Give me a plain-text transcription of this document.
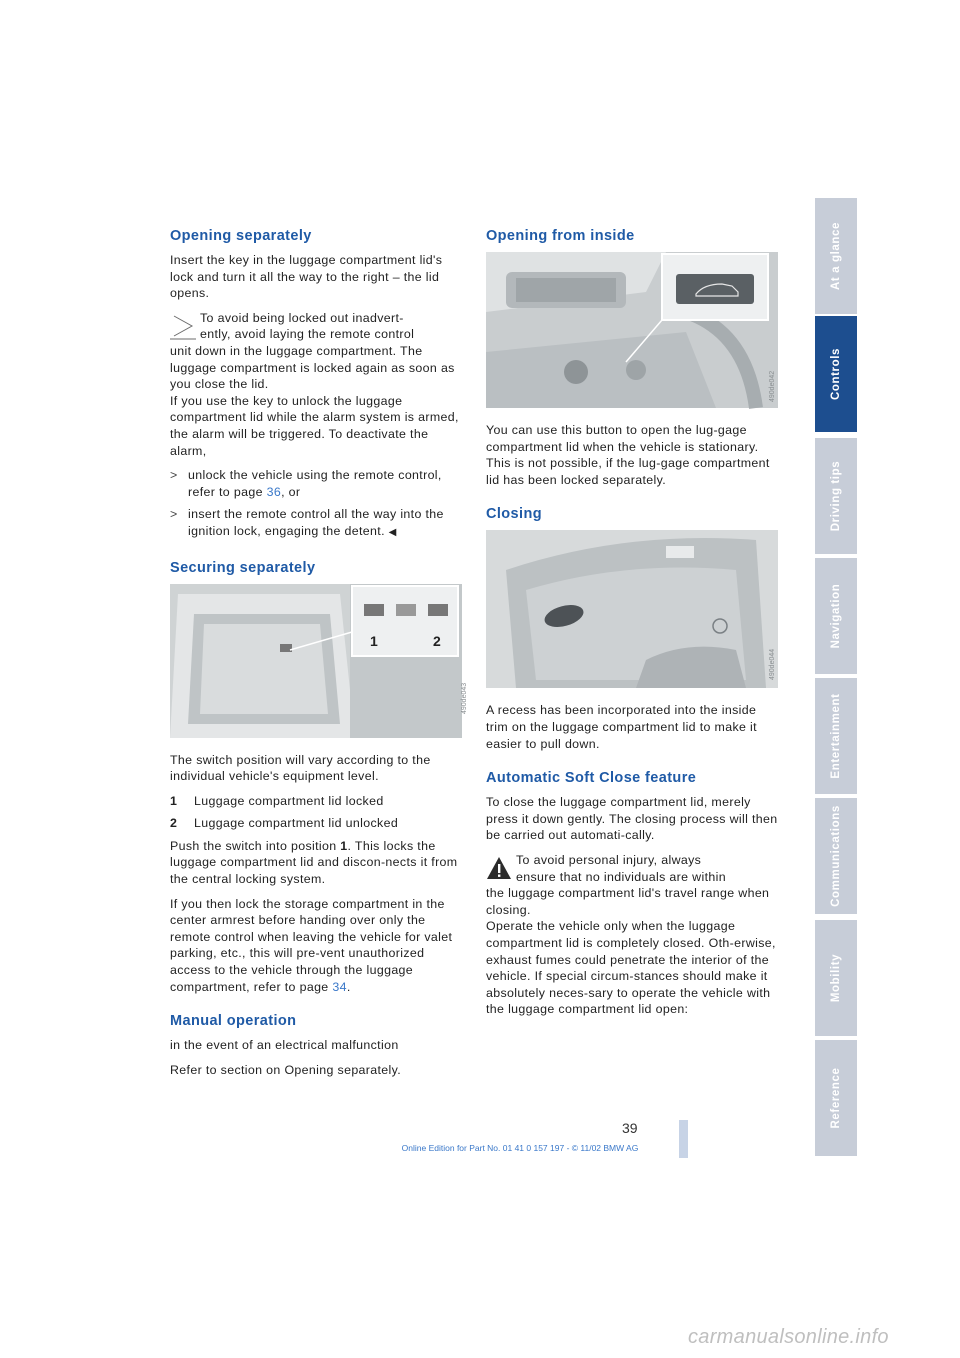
Opening separately

Insert the key in the luggage compartment lid's lock and turn it all the way to the right – the lid opens.

To avoid being locked out inadvert-
ently, avoid laying the remote control
unit down in the luggage compartment. The luggage compartment is locked again as soon as you close the lid.

If you use the key to unlock the luggage compartment lid while the alarm system is armed, the alarm will be triggered. To deactivate the alarm,

> unlock the vehicle using the remote control, refer to page 36, or
> insert the remote control all the way into the ignition lock, engaging the detent. ◀
Securing separately
1	2
490de043

The switch position will vary according to the individual vehicle's equipment level.

1 Luggage compartment lid locked
2 Luggage compartment lid unlocked

Push the switch into position 1. This locks the luggage compartment lid and discon-nects it from the central locking system.

If you then lock the storage compartment in the center armrest before handing over only the remote control when leaving the vehicle for valet parking, etc., this will pre-vent unauthorized access to the vehicle through the luggage compartment, refer to page 34.

Manual operation

in the event of an electrical malfunction

Refer to section on Opening separately.

Opening from inside
490de042

You can use this button to open the lug-gage compartment lid when the vehicle is stationary. This is not possible, if the lug-gage compartment lid has been locked separately.

Closing
490de044

A recess has been incorporated into the inside trim on the luggage compartment lid to make it easier to pull down.

Automatic Soft Close feature

To close the luggage compartment lid, merely press it down gently. The closing process will then be carried out automati-cally.

To avoid personal injury, always
ensure that no individuals are within
the luggage compartment lid's travel range when closing.

Operate the vehicle only when the luggage compartment lid is completely closed. Oth-erwise, exhaust fumes could penetrate the interior of the vehicle. If special circum-stances should make it absolutely neces-sary to operate the vehicle with the luggage compartment lid open:

At a glance
Controls
Driving tips
Navigation
Entertainment
Communications
Mobility
Reference
39
Online Edition for Part No. 01 41 0 157 197 - © 11/02 BMW AG
carmanualsonline.info
